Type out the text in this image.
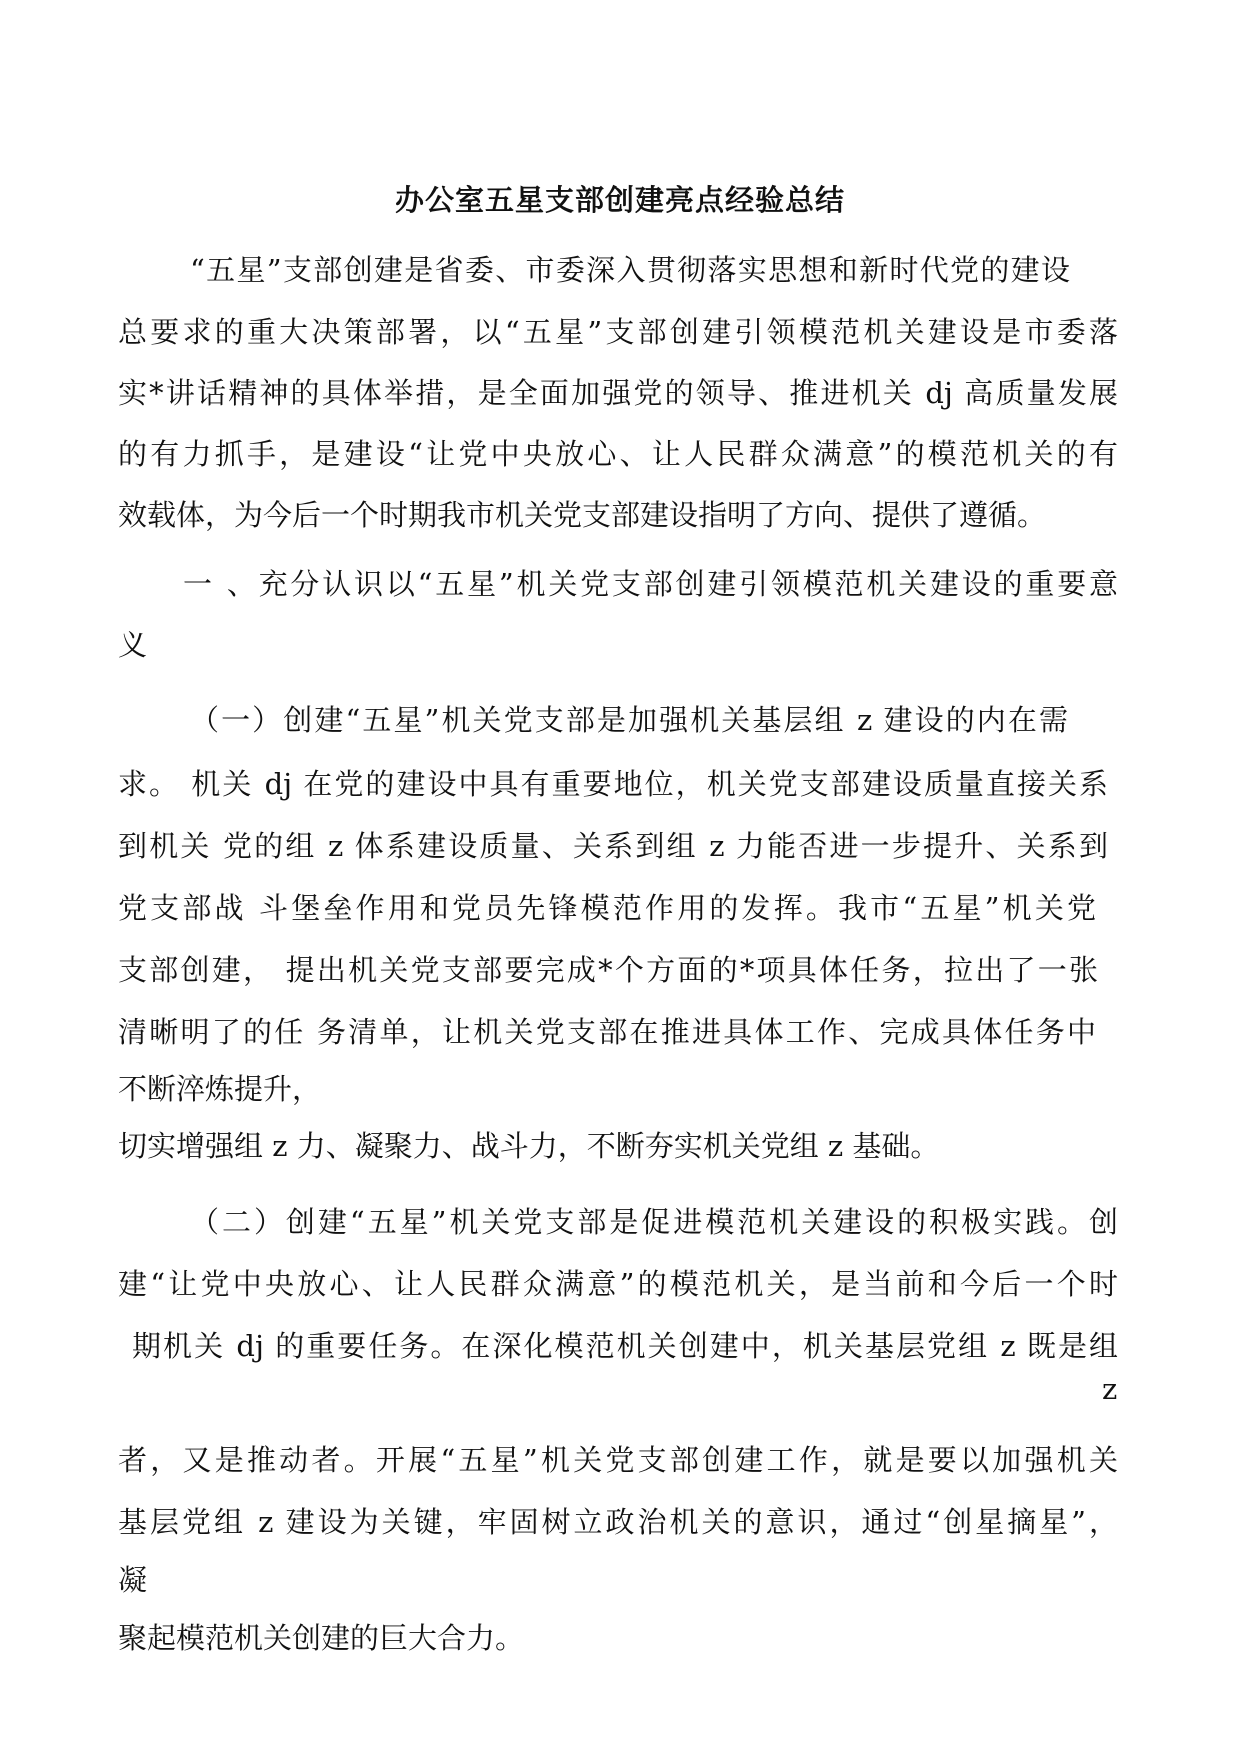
办公室五星支部创建亮点经验总结
“五星”支部创建是省委、市委深入贯彻落实思想和新时代党的建设
总要求的重大决策部署，以“五星”支部创建引领模范机关建设是市委落
实*讲话精神的具体举措，是全面加强党的领导、推进机关 dj 高质量发展
的有力抓手，是建设“让党中央放心、让人民群众满意”的模范机关的有
效载体，为今后一个时期我市机关党支部建设指明了方向、提供了遵循。
一 、充分认识以“五星”机关党支部创建引领模范机关建设的重要意
义
（一）创建“五星”机关党支部是加强机关基层组 z 建设的内在需
求。 机关 dj 在党的建设中具有重要地位，机关党支部建设质量直接关系
到机关 党的组 z 体系建设质量、关系到组 z 力能否进一步提升、关系到
党支部战 斗堡垒作用和党员先锋模范作用的发挥。我市“五星”机关党
支部创建， 提出机关党支部要完成*个方面的*项具体任务，拉出了一张
清晰明了的任 务清单，让机关党支部在推进具体工作、完成具体任务中
不断淬炼提升，
切实增强组 z 力、凝聚力、战斗力，不断夯实机关党组 z 基础。
（二）创建“五星”机关党支部是促进模范机关建设的积极实践。创
建“让党中央放心、让人民群众满意”的模范机关，是当前和今后一个时
期机关 dj 的重要任务。在深化模范机关创建中，机关基层党组 z 既是组
z
者，又是推动者。开展“五星”机关党支部创建工作，就是要以加强机关
基层党组 z 建设为关键，牢固树立政治机关的意识，通过“创星摘星”，
凝
聚起模范机关创建的巨大合力。
